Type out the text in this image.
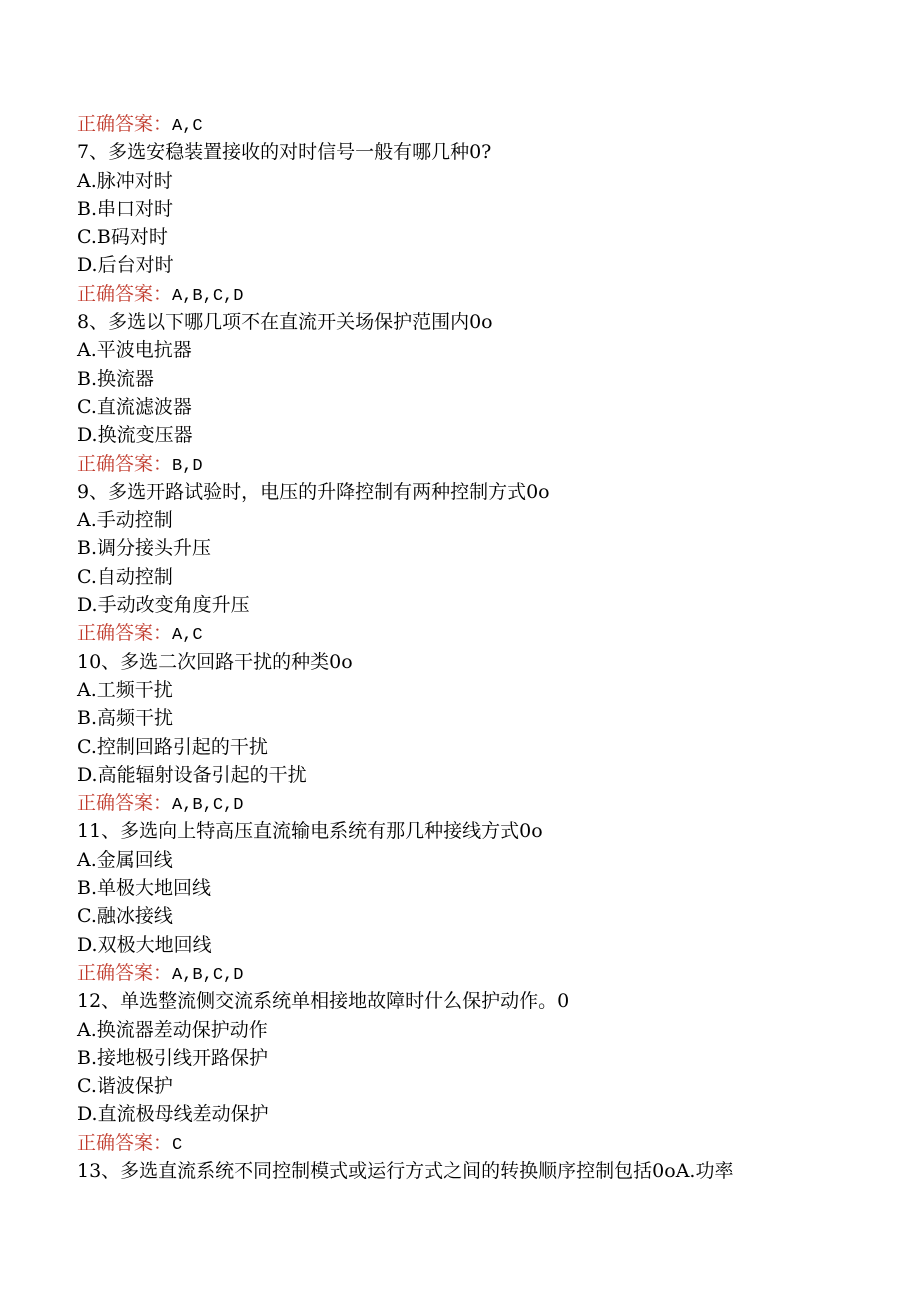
正确答案：A,C
7、多选安稳装置接收的对时信号一般有哪几种0?
A.脉冲对时
B.串口对时
C.B码对时
D.后台对时
正确答案：A,B,C,D
8、多选以下哪几项不在直流开关场保护范围内0o
A.平波电抗器
B.换流器
C.直流滤波器
D.换流变压器
正确答案：B,D
9、多选开路试验时，电压的升降控制有两种控制方式0o
A.手动控制
B.调分接头升压
C.自动控制
D.手动改变角度升压
正确答案：A,C
10、多选二次回路干扰的种类0o
A.工频干扰
B.高频干扰
C.控制回路引起的干扰
D.高能辐射设备引起的干扰
正确答案：A,B,C,D
11、多选向上特高压直流输电系统有那几种接线方式0o
A.金属回线
B.单极大地回线
C.融冰接线
D.双极大地回线
正确答案：A,B,C,D
12、单选整流侧交流系统单相接地故障时什么保护动作。0
A.换流器差动保护动作
B.接地极引线开路保护
C.谐波保护
D.直流极母线差动保护
正确答案：C
13、多选直流系统不同控制模式或运行方式之间的转换顺序控制包括0oA.功率
